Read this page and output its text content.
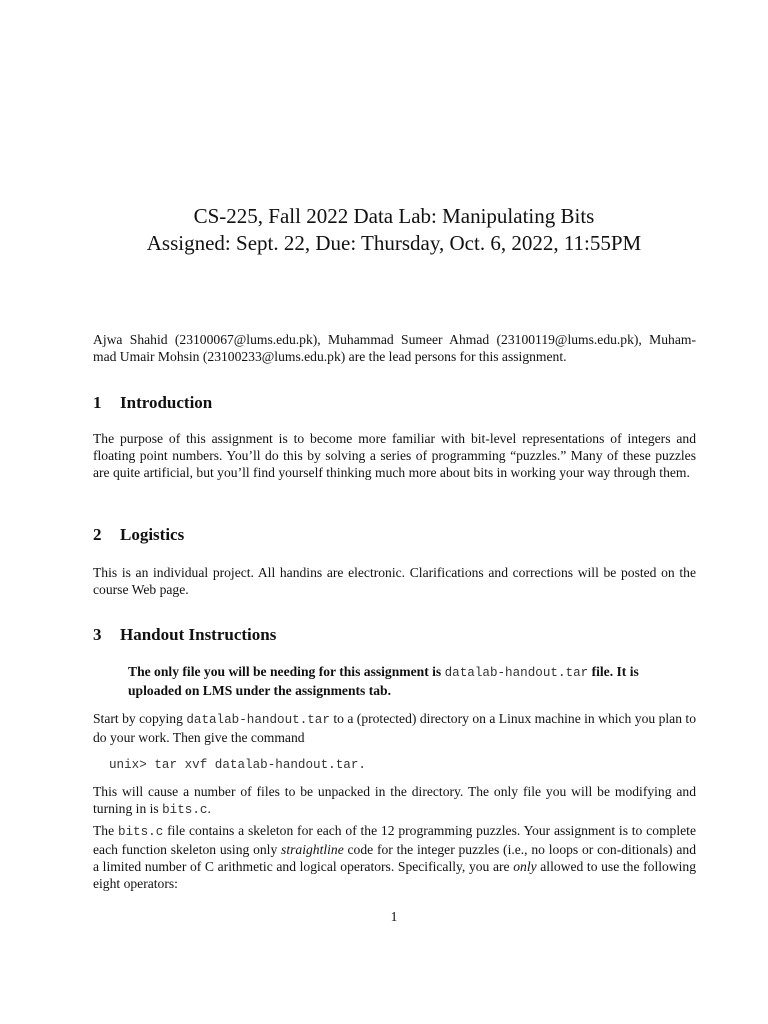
CS-225, Fall 2022 Data Lab: Manipulating Bits
Assigned: Sept. 22, Due: Thursday, Oct. 6, 2022, 11:55PM
Ajwa Shahid (23100067@lums.edu.pk), Muhammad Sumeer Ahmad (23100119@lums.edu.pk), Muham-
mad Umair Mohsin (23100233@lums.edu.pk) are the lead persons for this assignment.
1 Introduction
The purpose of this assignment is to become more familiar with bit-level representations of integers and floating point numbers. You’ll do this by solving a series of programming “puzzles.” Many of these puzzles are quite artificial, but you’ll find yourself thinking much more about bits in working your way through them.
2 Logistics
This is an individual project. All handins are electronic. Clarifications and corrections will be posted on the course Web page.
3 Handout Instructions
The only file you will be needing for this assignment is datalab-handout.tar file. It is uploaded on LMS under the assignments tab.
Start by copying datalab-handout.tar to a (protected) directory on a Linux machine in which you plan to do your work. Then give the command
unix> tar xvf datalab-handout.tar.
This will cause a number of files to be unpacked in the directory. The only file you will be modifying and turning in is bits.c.
The bits.c file contains a skeleton for each of the 12 programming puzzles. Your assignment is to complete each function skeleton using only straightline code for the integer puzzles (i.e., no loops or con-ditionals) and a limited number of C arithmetic and logical operators. Specifically, you are only allowed to use the following eight operators:
1
